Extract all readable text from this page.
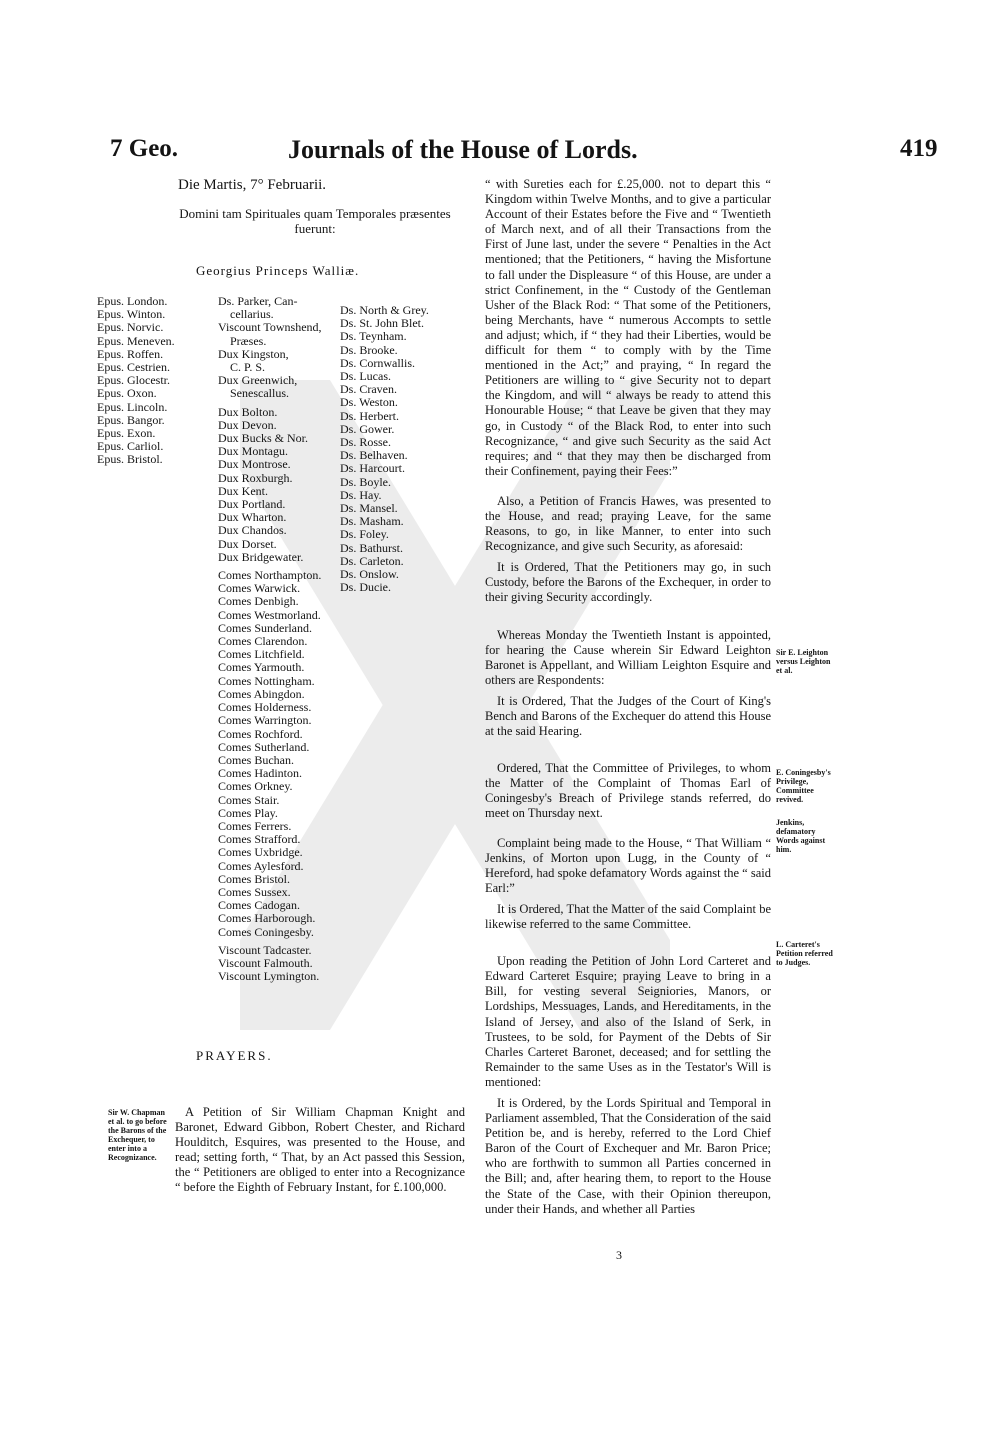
7 Geo.	Journals of the House of Lords.	419
Die Martis, 7° Februarii.
Domini tam Spirituales quam Temporales præsentes fuerunt:
Georgius Princeps Walliæ.
Epus. London.
Epus. Winton.
Epus. Norvic.
Epus. Meneven.
Epus. Roffen.
Epus. Cestrien.
Epus. Glocestr.
Epus. Oxon.
Epus. Lincoln.
Epus. Bangor.
Epus. Exon.
Epus. Carliol.
Epus. Bristol.
Ds. Parker, Can-
cellarius.
Viscount Townshend,
Præses.
Dux Kingston,
C. P. S.
Dux Greenwich,
Senescallus.
Dux Bolton.
Dux Devon.
Dux Bucks & Nor.
Dux Montagu.
Dux Montrose.
Dux Roxburgh.
Dux Kent.
Dux Portland.
Dux Wharton.
Dux Chandos.
Dux Dorset.
Dux Bridgewater.
Comes Northampton.
Comes Warwick.
Comes Denbigh.
Comes Westmorland.
Comes Sunderland.
Comes Clarendon.
Comes Litchfield.
Comes Yarmouth.
Comes Nottingham.
Comes Abingdon.
Comes Holderness.
Comes Warrington.
Comes Rochford.
Comes Sutherland.
Comes Buchan.
Comes Hadinton.
Comes Orkney.
Comes Stair.
Comes Play.
Comes Ferrers.
Comes Strafford.
Comes Uxbridge.
Comes Aylesford.
Comes Bristol.
Comes Sussex.
Comes Cadogan.
Comes Harborough.
Comes Coningesby.
Viscount Tadcaster.
Viscount Falmouth.
Viscount Lymington.
Ds. North & Grey.
Ds. St. John Blet.
Ds. Teynham.
Ds. Brooke.
Ds. Cornwallis.
Ds. Lucas.
Ds. Craven.
Ds. Weston.
Ds. Herbert.
Ds. Gower.
Ds. Rosse.
Ds. Belhaven.
Ds. Harcourt.
Ds. Boyle.
Ds. Hay.
Ds. Mansel.
Ds. Masham.
Ds. Foley.
Ds. Bathurst.
Ds. Carleton.
Ds. Onslow.
Ds. Ducie.
PRAYERS.
Sir W. Chapman et al. to go before the Barons of the Exchequer, to enter into a Recognizance.

A Petition of Sir William Chapman Knight and Baronet, Edward Gibbon, Robert Chester, and Richard Houlditch, Esquires, was presented to the House, and read; setting forth, “ That, by an Act passed this Session, the “ Petitioners are obliged to enter into a Recognizance “ before the Eighth of February Instant, for £.100,000.

“ with Sureties each for £.25,000. not to depart this “ Kingdom within Twelve Months, and to give a particular Account of their Estates before the Five and “ Twentieth of March next, and of all their Transactions from the First of June last, under the severe “ Penalties in the Act mentioned; that the Petitioners, “ having the Misfortune to fall under the Displeasure “ of this House, are under a strict Confinement, in the “ Custody of the Gentleman Usher of the Black Rod: “ That some of the Petitioners, being Merchants, have “ numerous Accompts to settle and adjust; which, if “ they had their Liberties, would be difficult for them “ to comply with by the Time mentioned in the Act;” and praying, “ In regard the Petitioners are willing to “ give Security not to depart the Kingdom, and will “ always be ready to attend this Honourable House; “ that Leave be given that they may go, in Custody “ of the Black Rod, to enter into such Recognizance, “ and give such Security as the said Act requires; and “ that they may then be discharged from their Confinement, paying their Fees:”

Also, a Petition of Francis Hawes, was presented to the House, and read; praying Leave, for the same Reasons, to go, in like Manner, to enter into such Recognizance, and give such Security, as aforesaid:

It is Ordered, That the Petitioners may go, in such Custody, before the Barons of the Exchequer, in order to their giving Security accordingly.

Whereas Monday the Twentieth Instant is appointed, for hearing the Cause wherein Sir Edward Leighton Baronet is Appellant, and William Leighton Esquire and others are Respondents:

It is Ordered, That the Judges of the Court of King's Bench and Barons of the Exchequer do attend this House at the said Hearing.

Ordered, That the Committee of Privileges, to whom the Matter of the Complaint of Thomas Earl of Coningesby's Breach of Privilege stands referred, do meet on Thursday next.

Complaint being made to the House, “ That William “ Jenkins, of Morton upon Lugg, in the County of “ Hereford, had spoke defamatory Words against the “ said Earl:”

It is Ordered, That the Matter of the said Complaint be likewise referred to the same Committee.

Upon reading the Petition of John Lord Carteret and Edward Carteret Esquire; praying Leave to bring in a Bill, for vesting several Seigniories, Manors, or Lordships, Messuages, Lands, and Hereditaments, in the Island of Jersey, and also of the Island of Serk, in Trustees, to be sold, for Payment of the Debts of Sir Charles Carteret Baronet, deceased; and for settling the Remainder to the same Uses as in the Testator's Will is mentioned:

It is Ordered, by the Lords Spiritual and Temporal in Parliament assembled, That the Consideration of the said Petition be, and is hereby, referred to the Lord Chief Baron of the Court of Exchequer and Mr. Baron Price; who are forthwith to summon all Parties concerned in the Bill; and, after hearing them, to report to the House the State of the Case, with their Opinion thereupon, under their Hands, and whether all Parties

Sir E. Leighton versus Leighton et al.
E. Coningesby's Privilege, Committee revived.
Jenkins, defamatory Words against him.
L. Carteret's Petition referred to Judges.
3
